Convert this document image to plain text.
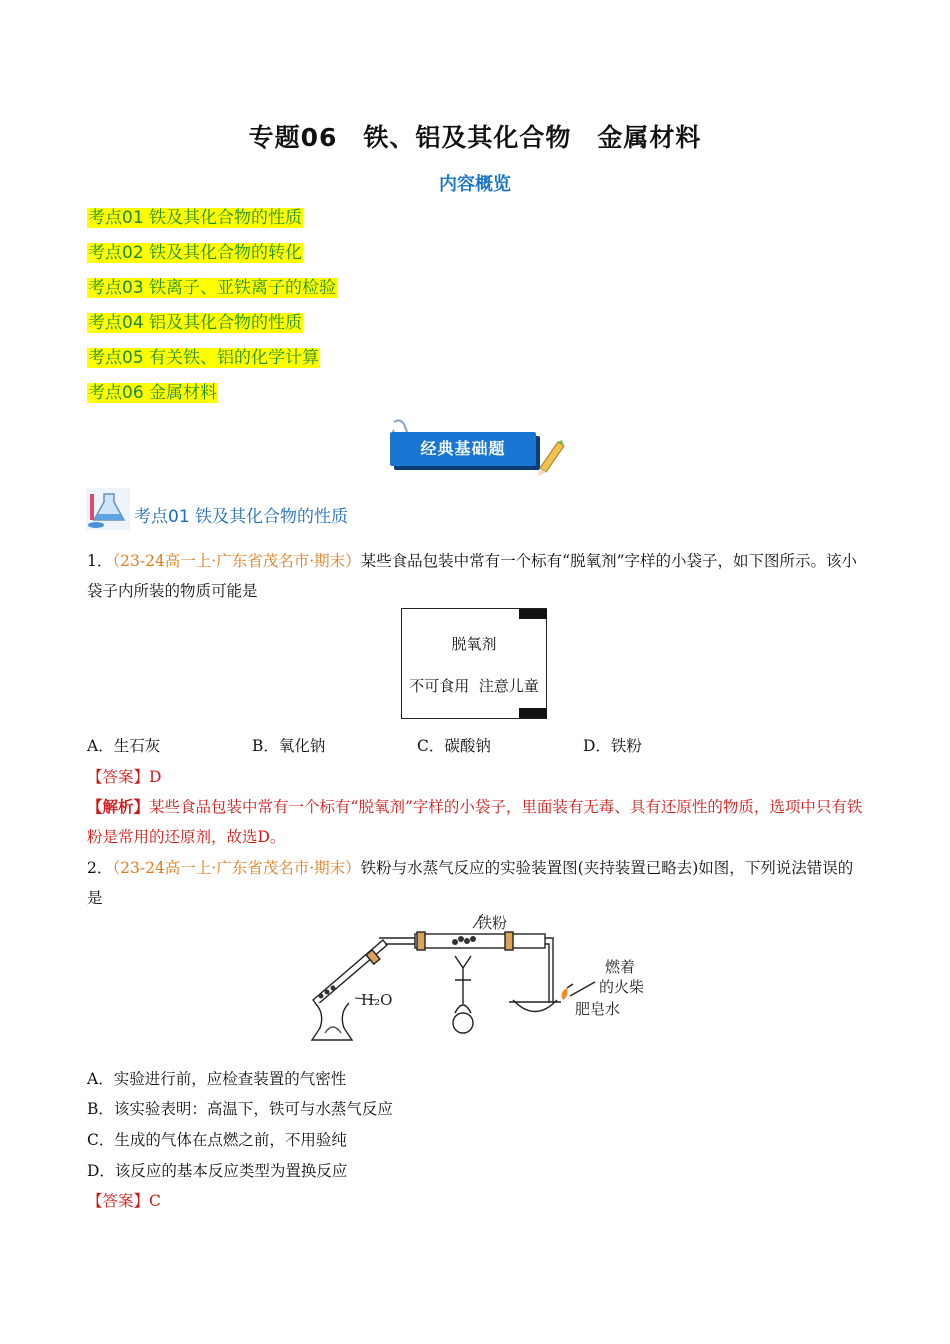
专题06　铁、铝及其化合物　金属材料
内容概览
考点01 铁及其化合物的性质
考点02 铁及其化合物的转化
考点03 铁离子、亚铁离子的检验
考点04 铝及其化合物的性质
考点05 有关铁、铝的化学计算
考点06 金属材料
经典基础题
考点01 铁及其化合物的性质

1．（23-24高一上·广东省茂名市·期末）某些食品包装中常有一个标有“脱氧剂”字样的小袋子，如下图所示。该小袋子内所装的物质可能是

脱氧剂
不可食用  注意儿童
A．生石灰	B．氧化钠	C．碳酸钠	D．铁粉

【答案】D

【解析】某些食品包装中常有一个标有“脱氧剂”字样的小袋子，里面装有无毒、具有还原性的物质，选项中只有铁粉是常用的还原剂，故选D。

2．（23-24高一上·广东省茂名市·期末）铁粉与水蒸气反应的实验装置图(夹持装置已略去)如图，下列说法错误的是

铁粉
H₂O
燃着
的火柴
肥皂水
A．实验进行前，应检查装置的气密性
B．该实验表明：高温下，铁可与水蒸气反应
C．生成的气体在点燃之前，不用验纯
D．该反应的基本反应类型为置换反应
【答案】C
